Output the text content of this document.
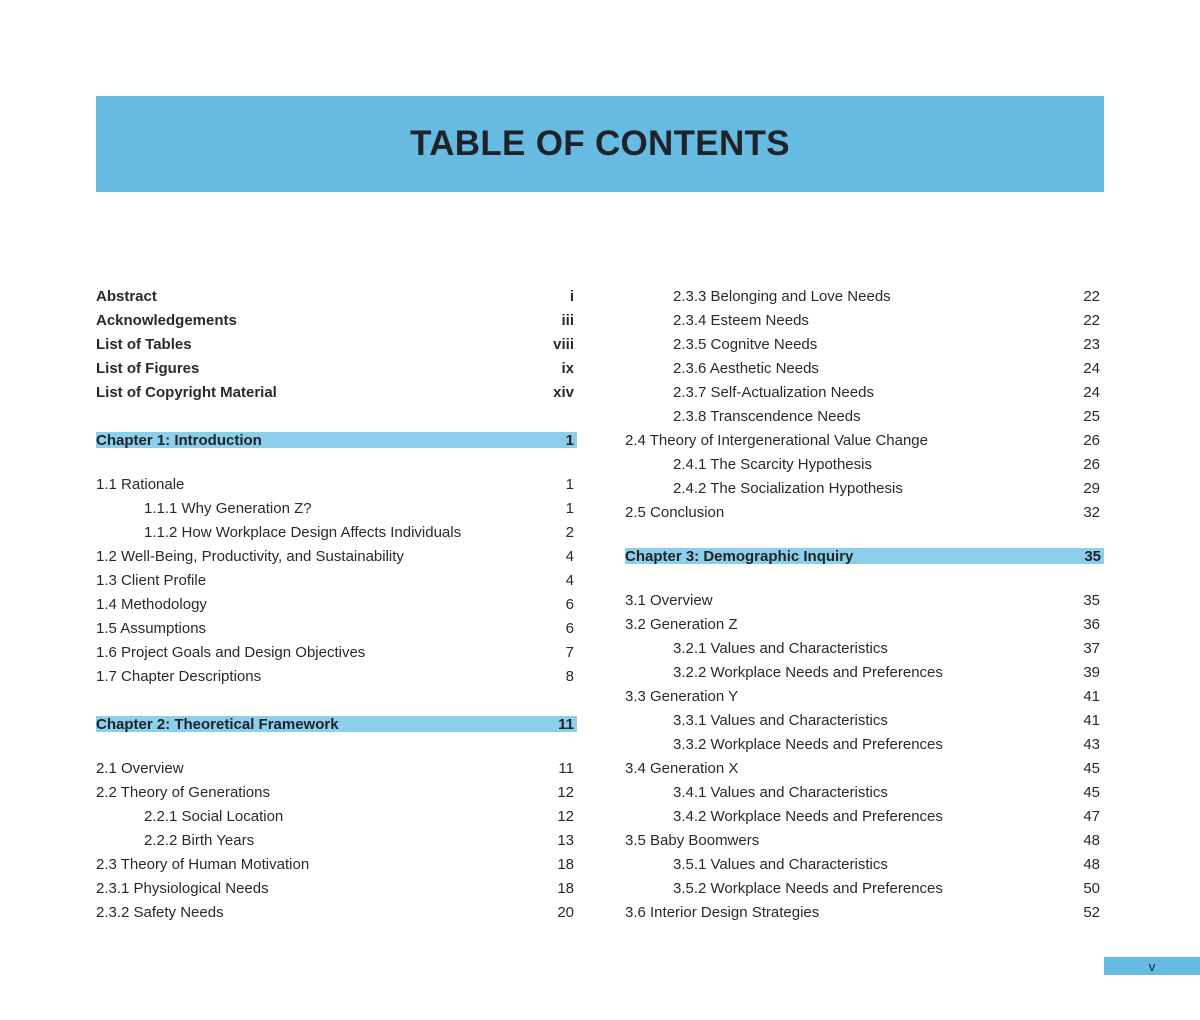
TABLE OF CONTENTS
Abstract	i
Acknowledgements	iii
List of Tables	viii
List of Figures	ix
List of Copyright Material	xiv
Chapter 1: Introduction	1
1.1 Rationale	1
1.1.1 Why Generation Z?	1
1.1.2 How Workplace Design Affects Individuals	2
1.2 Well-Being, Productivity, and Sustainability	4
1.3 Client Profile	4
1.4 Methodology	6
1.5 Assumptions	6
1.6 Project Goals and Design Objectives	7
1.7 Chapter Descriptions	8
Chapter 2: Theoretical Framework	11
2.1 Overview	11
2.2 Theory of Generations	12
2.2.1 Social Location	12
2.2.2 Birth Years	13
2.3 Theory of Human Motivation	18
2.3.1 Physiological Needs	18
2.3.2 Safety Needs	20
2.3.3 Belonging and Love Needs	22
2.3.4 Esteem Needs	22
2.3.5 Cognitve Needs	23
2.3.6 Aesthetic Needs	24
2.3.7 Self-Actualization Needs	24
2.3.8 Transcendence Needs	25
2.4 Theory of Intergenerational Value Change	26
2.4.1 The Scarcity Hypothesis	26
2.4.2 The Socialization Hypothesis	29
2.5 Conclusion	32
Chapter 3: Demographic Inquiry	35
3.1 Overview	35
3.2 Generation Z	36
3.2.1 Values and Characteristics	37
3.2.2 Workplace Needs and Preferences	39
3.3 Generation Y	41
3.3.1 Values and Characteristics	41
3.3.2 Workplace Needs and Preferences	43
3.4 Generation X	45
3.4.1 Values and Characteristics	45
3.4.2 Workplace Needs and Preferences	47
3.5 Baby Boomwers	48
3.5.1 Values and Characteristics	48
3.5.2 Workplace Needs and Preferences	50
3.6 Interior Design Strategies	52
v
